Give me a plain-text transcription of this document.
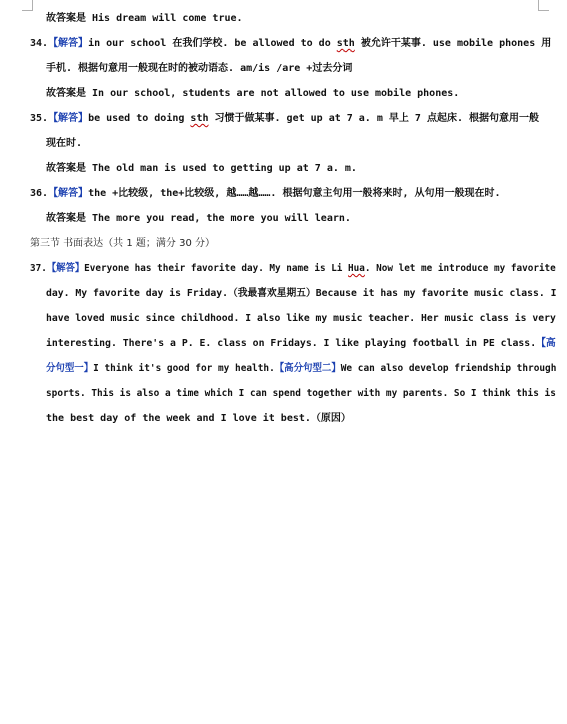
故答案是 His dream will come true.
34.【解答】in our school 在我们学校. be allowed to do sth 被允许干某事. use mobile phones 用
手机. 根据句意用一般现在时的被动语态. am/is /are +过去分词
故答案是 In our school, students are not allowed to use mobile phones.
35.【解答】be used to doing sth 习惯于做某事. get up at 7 a. m 早上 7 点起床. 根据句意用一般
现在时.
故答案是 The old man is used to getting up at 7 a. m.
36.【解答】the +比较级, the+比较级, 越……越……. 根据句意主句用一般将来时, 从句用一般现在时.
故答案是 The more you read, the more you will learn.
第三节 书面表达（共 1 题；满分 30 分）
37.【解答】Everyone has their favorite day. My name is Li Hua. Now let me introduce my favorite
day. My favorite day is Friday.（我最喜欢星期五）Because it has my favorite music class. I
have loved music since childhood. I also like my music teacher. Her music class is very
interesting. There's a P. E. class on Fridays. I like playing football in PE class.【高
分句型一】I think it's good for my health.【高分句型二】We can also develop friendship through
sports. This is also a time which I can spend together with my parents. So I think this is
the best day of the week and I love it best.（原因）
